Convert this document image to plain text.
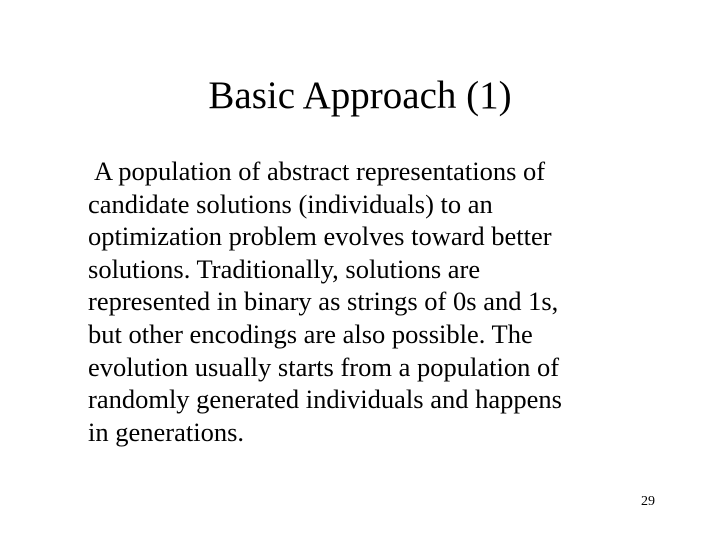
Basic Approach (1)
A population of abstract representations of
candidate solutions (individuals) to an
optimization problem evolves toward better
solutions. Traditionally, solutions are
represented in binary as strings of 0s and 1s,
but other encodings are also possible. The
evolution usually starts from a population of
randomly generated individuals and happens
in generations.
29
